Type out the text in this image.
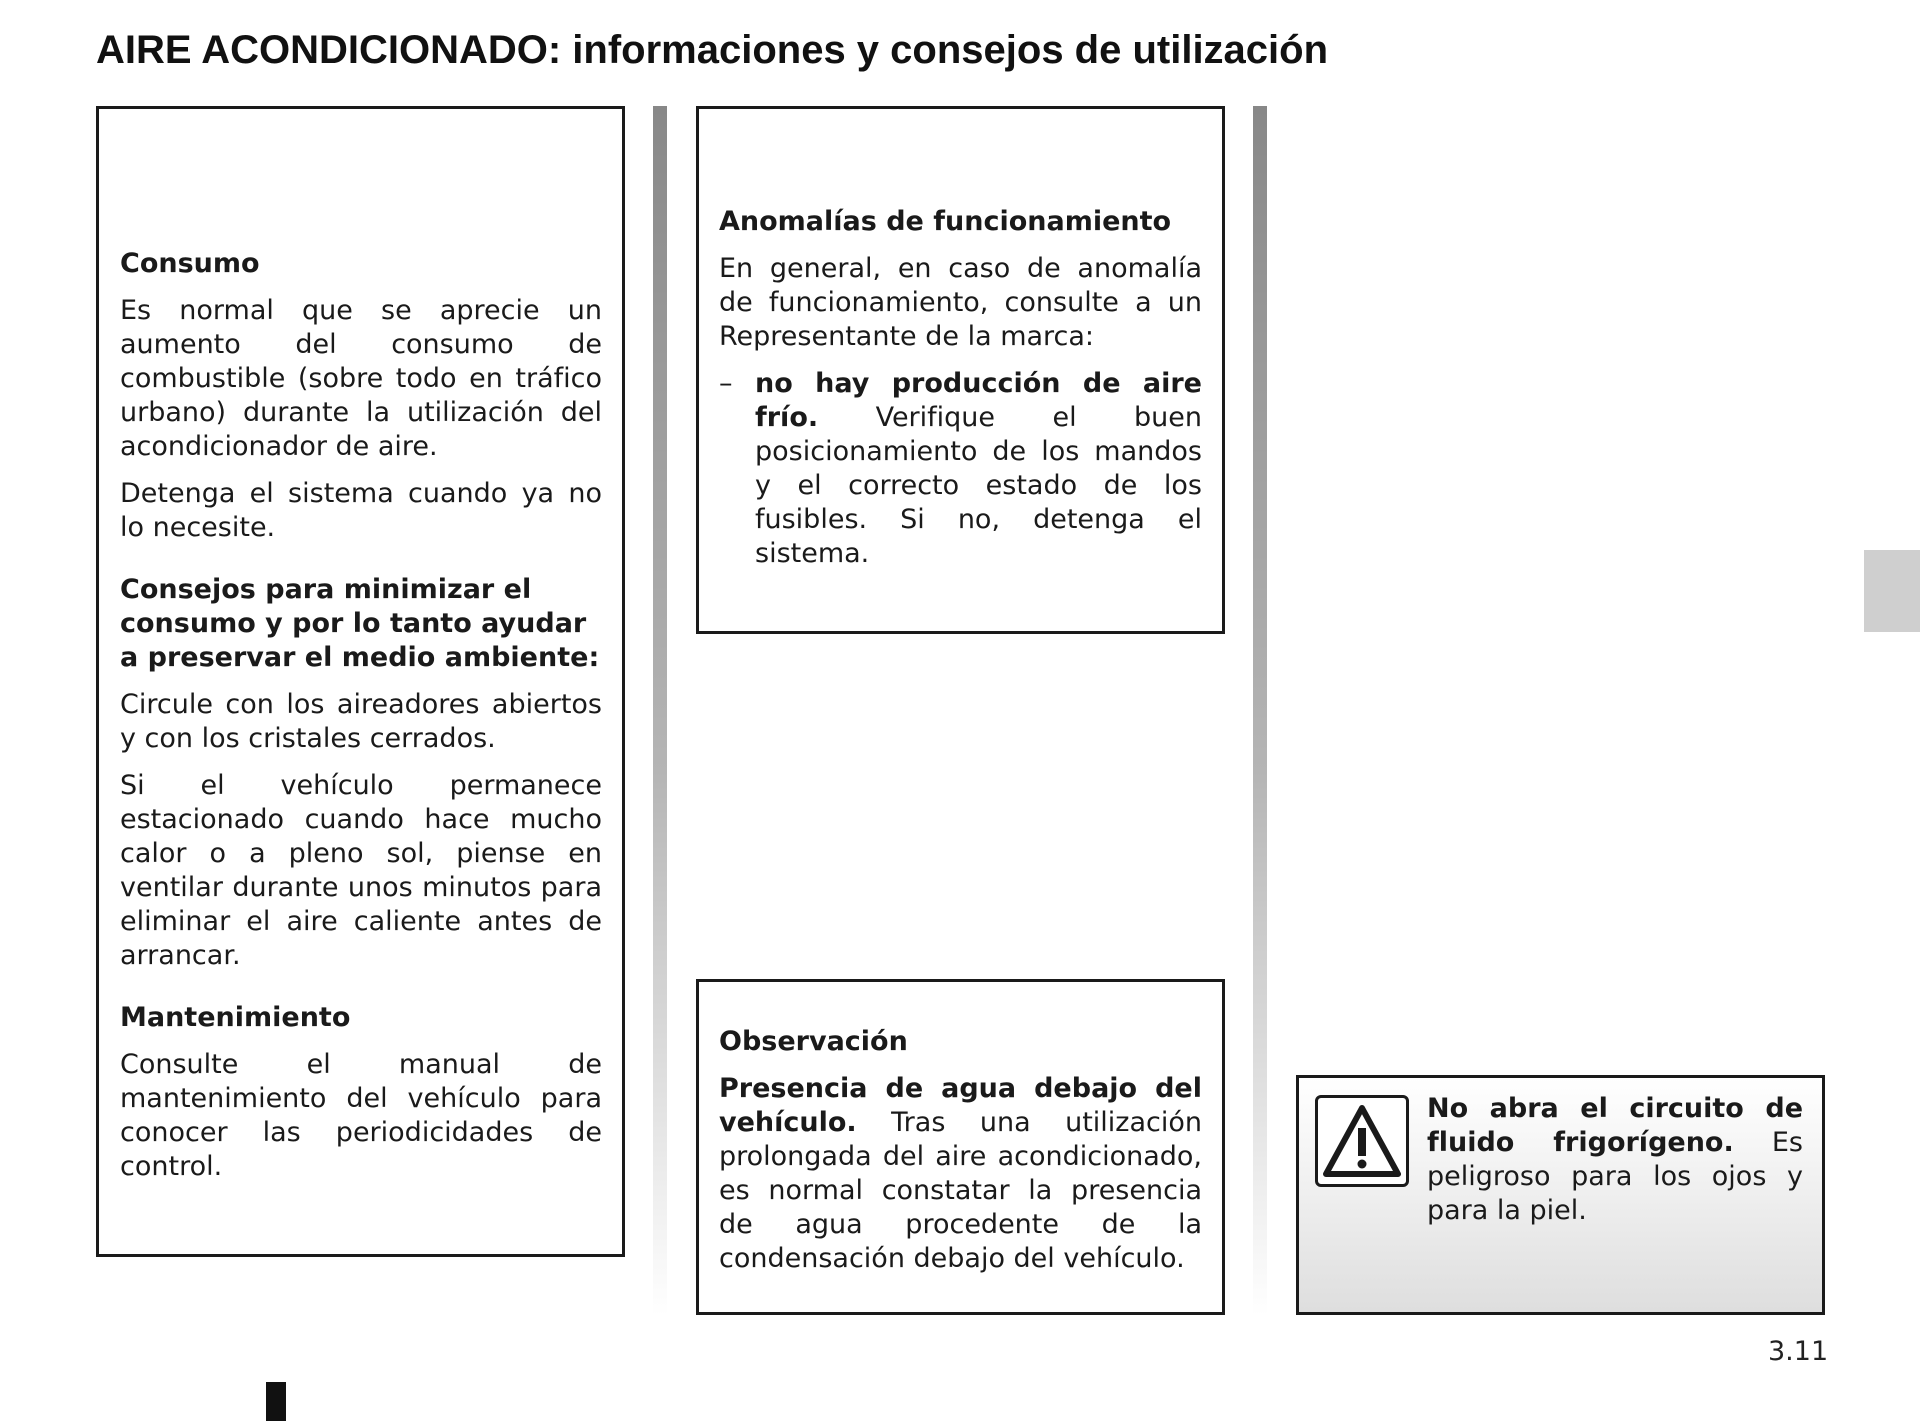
AIRE ACONDICIONADO: informaciones y consejos de utilización
Consumo

Es normal que se aprecie un aumento del consumo de combustible (sobre todo en tráfico urbano) durante la utilización del acondicionador de aire.

Detenga el sistema cuando ya no lo necesite.

Consejos para minimizar el consumo y por lo tanto ayudar a preservar el medio ambiente:

Circule con los aireadores abiertos y con los cristales cerrados.

Si el vehículo permanece estacionado cuando hace mucho calor o a pleno sol, piense en ventilar durante unos minutos para eliminar el aire caliente antes de arrancar.

Mantenimiento

Consulte el manual de mantenimiento del vehículo para conocer las periodicidades de control.

Anomalías de funcionamiento

En general, en caso de anomalía de funcionamiento, consulte a un Representante de la marca:

– no hay producción de aire frío. Verifique el buen posicionamiento de los mandos y el correcto estado de los fusibles. Si no, detenga el sistema.
Observación

Presencia de agua debajo del vehículo. Tras una utilización prolongada del aire acondicionado, es normal constatar la presencia de agua procedente de la condensación debajo del vehículo.

No abra el circuito de fluido frigorígeno. Es peligroso para los ojos y para la piel.
3.11
